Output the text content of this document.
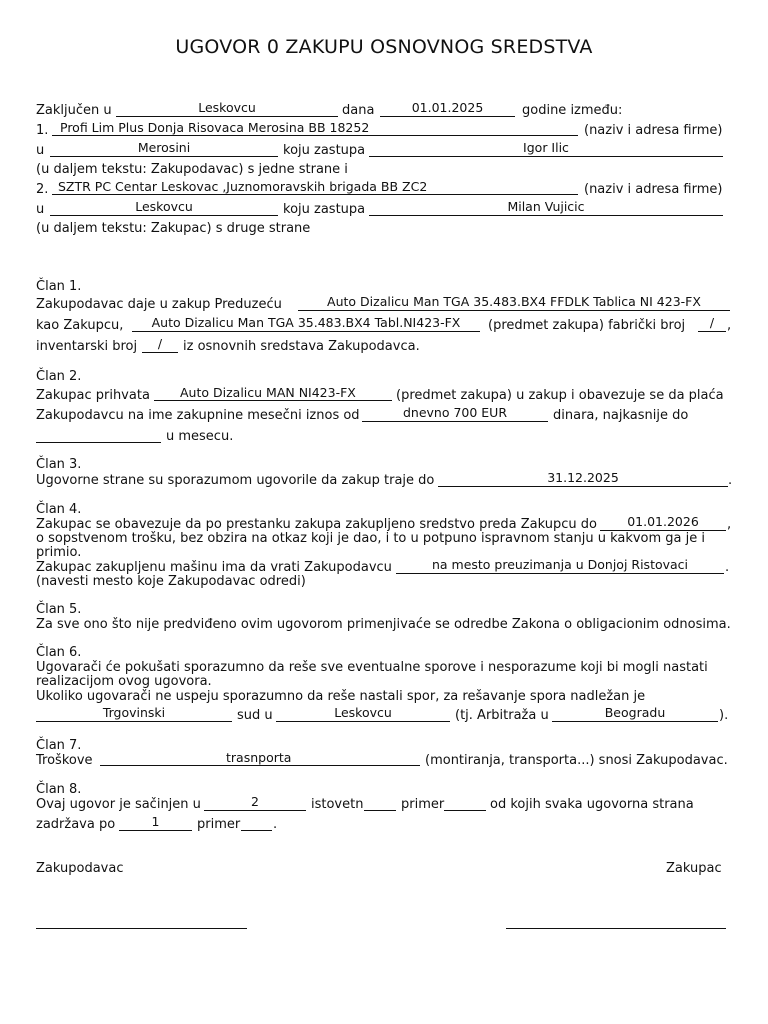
UGOVOR 0 ZAKUPU OSNOVNOG SREDSTVA
Zaključen u	Leskovcu	dana	01.01.2025	godine između:
1. Profi Lim Plus Donja Risovaca Merosina BB 18252	(naziv i adresa firme)
u	Merosini	koju zastupa	Igor Ilic
(u daljem tekstu: Zakupodavac) s jedne strane i
2. SZTR PC Centar Leskovac ,Juznomoravskih brigada BB ZC2	(naziv i adresa firme)
u	Leskovcu	koju zastupa	Milan Vujicic
(u daljem tekstu: Zakupac) s druge strane
Član 1.
Zakupodavac daje u zakup Preduzeću	Auto Dizalicu Man TGA 35.483.BX4 FFDLK Tablica NI 423-FX
kao Zakupcu,	Auto Dizalicu Man TGA 35.483.BX4 Tabl.NI423-FX	(predmet zakupa) fabrički broj	/ ,
inventarski broj	/	iz osnovnih sredstava Zakupodavca.
Član 2.
Zakupac prihvata	Auto Dizalicu MAN NI423-FX	(predmet zakupa) u zakup i obavezuje se da plaća
Zakupodavcu na ime zakupnine mesečni iznos od	dnevno 700 EUR	dinara, najkasnije do
u mesecu.
Član 3.
Ugovorne strane su sporazumom ugovorile da zakup traje do	31.12.2025	.
Član 4.
Zakupac se obavezuje da po prestanku zakupa zakupljeno sredstvo preda Zakupcu do	01.01.2026	,
o sopstvenom trošku, bez obzira na otkaz koji je dao, i to u potpuno ispravnom stanju u kakvom ga je i
primio.
Zakupac zakupljenu mašinu ima da vrati Zakupodavcu	na mesto preuzimanja u Donjoj Ristovaci	.
(navesti mesto koje Zakupodavac odredi)
Član 5.
Za sve ono što nije predviđeno ovim ugovorom primenjivaće se odredbe Zakona o obligacionim odnosima.
Član 6.
Ugovarači će pokušati sporazumno da reše sve eventualne sporove i nesporazume koji bi mogli nastati
realizacijom ovog ugovora.
Ukoliko ugovarači ne uspeju sporazumno da reše nastali spor, za rešavanje spora nadležan je
Trgovinski	sud u	Leskovcu	(tj. Arbitraža u	Beogradu	).
Član 7.
Troškove	trasnporta	(montiranja, transporta...) snosi Zakupodavac.
Član 8.
Ovaj ugovor je sačinjen u	2	istovetn	primer	od kojih svaka ugovorna strana
zadržava po	1	primer	.
Zakupodavac	Zakupac
